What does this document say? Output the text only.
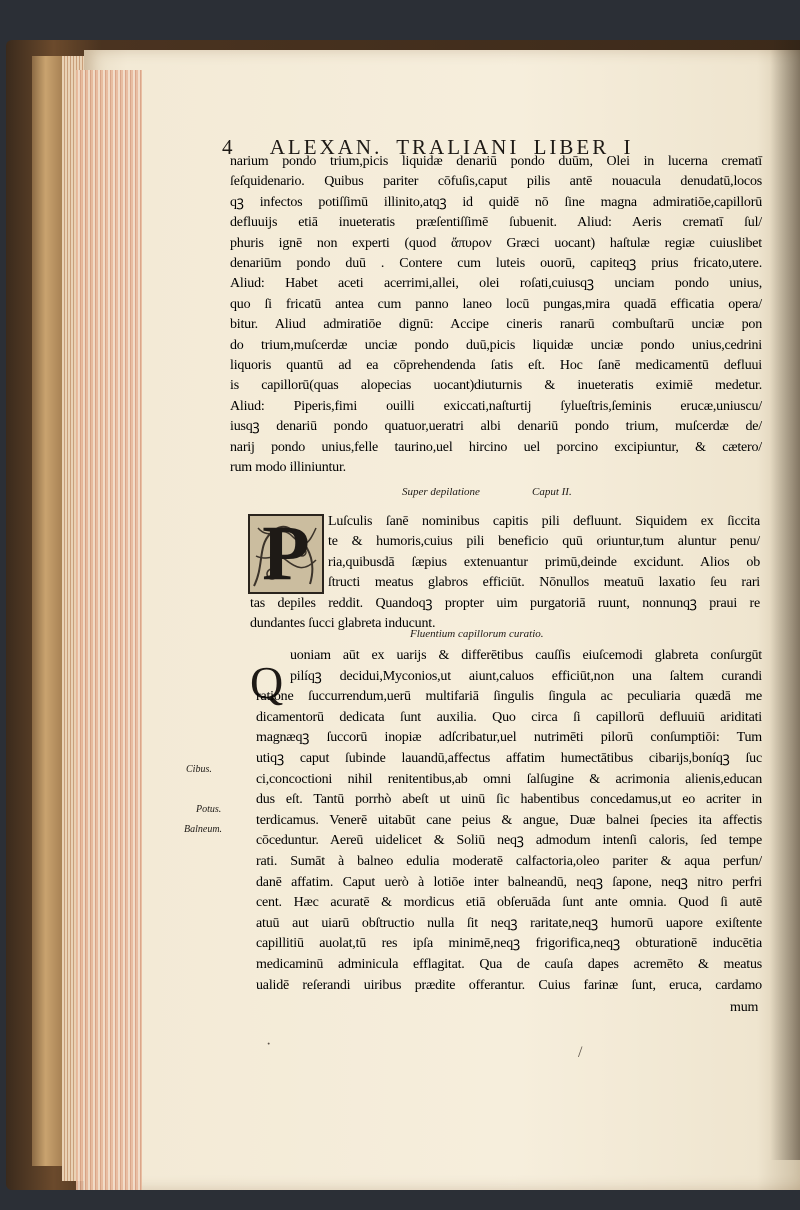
4 ALEXAN. TRALIANI LIBER I
narium pondo trium,picis liquidæ denariū pondo duūm, Olei in lucerna crematī
ſeſquidenario. Quibus pariter cōfuſis,caput pilis antē nouacula denudatū,locos
qꝫ infectos potiſſimū illinito,atqꝫ id quidē nō ſine magna admiratiōe,capillorū
defluuijs etiā inueteratis præſentiſſimē ſubuenit. Aliud: Aeris crematī ſul/
phuris ignē non experti (quod ἄπυρον Græci uocant) haſtulæ regiæ cuiuslibet
denariūm pondo duū . Contere cum luteis ouorū, capiteqꝫ prius fricato,utere.
Aliud: Habet aceti acerrimi,allei, olei roſati,cuiusqꝫ unciam pondo unius,
quo ſi fricatū antea cum panno laneo locū pungas,mira quadā efficatia opera/
bitur. Aliud admiratiōe dignū: Accipe cineris ranarū combuſtarū unciæ pon
do trium,muſcerdæ unciæ pondo duū,picis liquidæ unciæ pondo unius,cedrini
liquoris quantū ad ea cōprehendenda ſatis eſt. Hoc ſanē medicamentū defluui
is capillorū(quas alopecias uocant)diuturnis & inueteratis eximiē medetur.
Aliud: Piperis,fimi ouilli exiccati,naſturtij ſylueſtris,ſeminis erucæ,uniuscu/
iusqꝫ denariū pondo quatuor,ueratri albi denariū pondo trium, muſcerdæ de/
narij pondo unius,felle taurino,uel hircino uel porcino excipiuntur, & cætero/
rum modo illiniuntur.
Super depilatione	Caput II.
P	Luſculis ſanē nominibus capitis pili defluunt. Siquidem ex ſiccita
te & humoris,cuius pili beneficio quū oriuntur,tum aluntur penu/
ria,quibusdā ſæpius extenuantur primū,deinde excidunt. Alios ob
ſtructi meatus glabros efficiūt. Nōnullos meatuū laxatio ſeu rari
tas depiles reddit. Quandoqꝫ propter uim purgatoriā ruunt, nonnunqꝫ praui re
dundantes ſucci glabreta inducunt.
Fluentium capillorum curatio.
Q
uoniam aūt ex uarijs & differētibus cauſſis eiuſcemodi glabreta conſurgūt
pilíqꝫ decidui,Myconios,ut aiunt,caluos efficiūt,non una ſaltem curandi
ratione ſuccurrendum,uerū multifariā ſingulis ſingula ac peculiaria quædā me
dicamentorū dedicata ſunt auxilia. Quo circa ſi capillorū defluuiū ariditati
magnæqꝫ ſuccorū inopiæ adſcribatur,uel nutrimēti pilorū conſumptiōi: Tum
utiqꝫ caput ſubinde lauandū,affectus affatim humectātibus cibarijs,boníqꝫ ſuc
ci,concoctioni nihil renitentibus,ab omni ſalſugine & acrimonia alienis,educan
dus eſt. Tantū porrhò abeſt ut uinū ſic habentibus concedamus,ut eo acriter in
terdicamus. Venerē uitabūt cane peius & angue, Duæ balnei ſpecies ita affectis
cōceduntur. Aereū uidelicet & Soliū neqꝫ admodum intenſi caloris, ſed tempe
rati. Sumāt à balneo edulia moderatē calfactoria,oleo pariter & aqua perfun/
danē affatim. Caput uerò à lotiōe inter balneandū, neqꝫ ſapone, neqꝫ nitro perfri
cent. Hæc acuratē & mordicus etiā obſeruāda ſunt ante omnia. Quod ſi autē
atuū aut uiarū obſtructio nulla ſit neqꝫ raritate,neqꝫ humorū uapore exiſtente
capillitiū auolat,tū res ipſa minimē,neqꝫ frigorifica,neqꝫ obturationē inducētia
medicaminū adminicula efflagitat. Qua de cauſa dapes acremēto & meatus
ualidē reſerandi uiribus prædite offerantur. Cuius farinæ ſunt, eruca, cardamo
Cibus.
Potus.
Balneum.
mum
·	/
